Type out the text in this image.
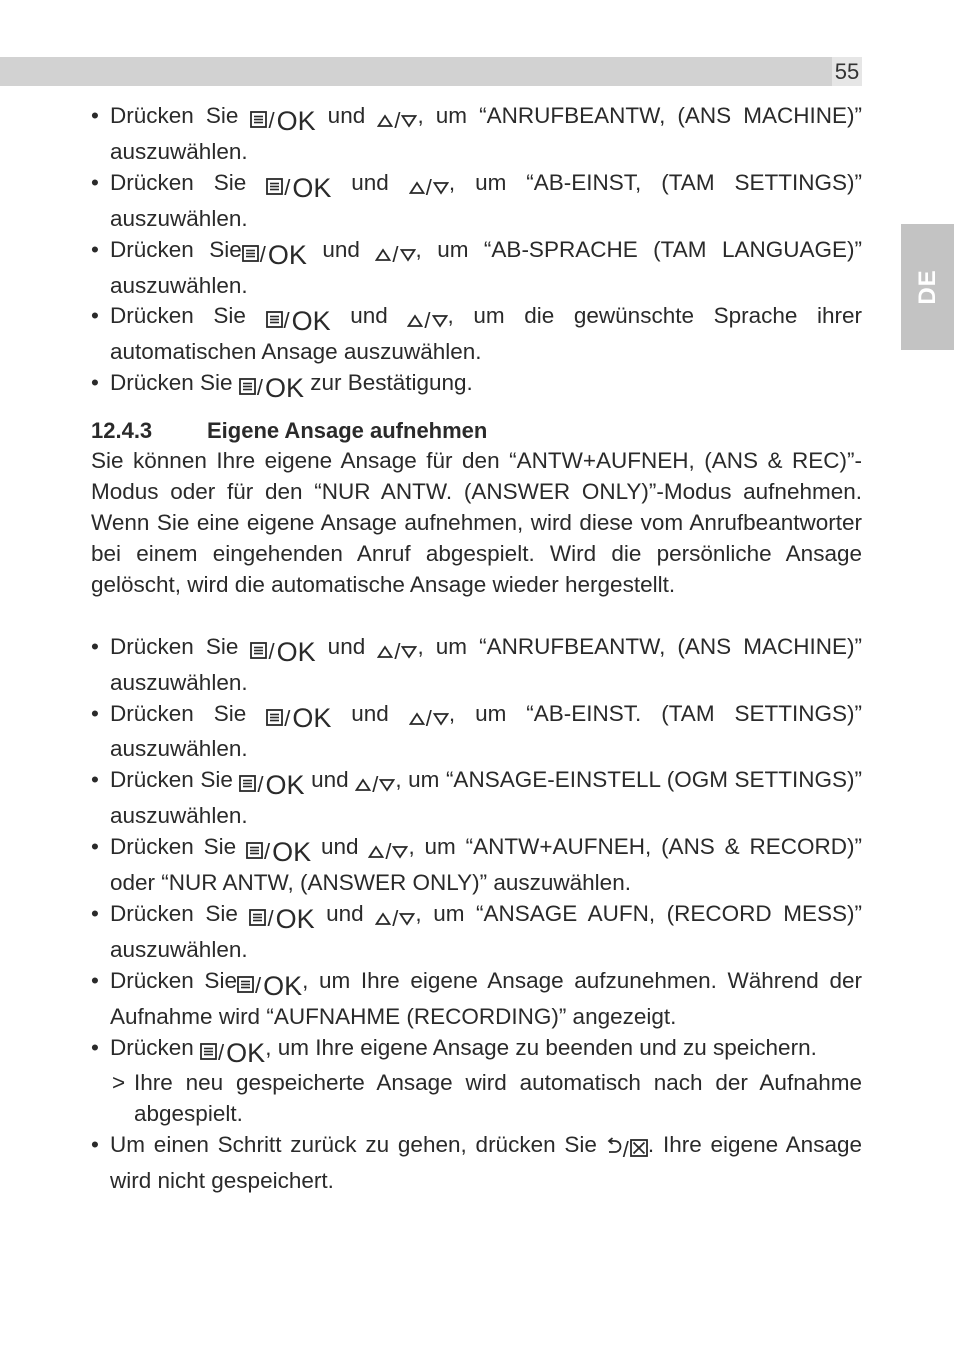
55
DE
• Drücken Sie / OK und / , um “ANRUFBEANTW, (ANS MACHINE)” auszuwählen.
• Drücken Sie / OK und / , um “AB-EINST, (TAM SETTINGS)” auszuwählen.
• Drücken Sie / OK und / , um “AB-SPRACHE (TAM LANGUAGE)” auszuwählen.
• Drücken Sie / OK und / , um die gewünschte Sprache ihrer automatischen Ansage auszuwählen.
• Drücken Sie / OK zur Bestätigung.
12.4.3	Eigene Ansage aufnehmen
Sie können Ihre eigene Ansage für den “ANTW+AUFNEH, (ANS & REC)”-Modus oder für den “NUR ANTW. (ANSWER ONLY)”-Modus aufnehmen. Wenn Sie eine eigene Ansage aufnehmen, wird diese vom Anrufbeantworter bei einem eingehenden Anruf abgespielt. Wird die persönliche Ansage gelöscht, wird die automatische Ansage wieder hergestellt.
• Drücken Sie / OK und / , um “ANRUFBEANTW, (ANS MACHINE)” auszuwählen.
• Drücken Sie / OK und / , um “AB-EINST. (TAM SETTINGS)” auszuwählen.
• Drücken Sie / OK und / , um “ANSAGE-EINSTELL (OGM SETTINGS)” auszuwählen.
• Drücken Sie / OK und / , um “ANTW+AUFNEH, (ANS & RECORD)” oder “NUR ANTW, (ANSWER ONLY)” auszuwählen.
• Drücken Sie / OK und / , um “ANSAGE AUFN, (RECORD MESS)” auszuwählen.
• Drücken Sie / OK , um Ihre eigene Ansage aufzunehmen. Während der Aufnahme wird “AUFNAHME (RECORDING)” angezeigt.
• Drücken / OK , um Ihre eigene Ansage zu beenden und zu speichern.
> Ihre neu gespeicherte Ansage wird automatisch nach der Aufnahme abgespielt.
• Um einen Schritt zurück zu gehen, drücken Sie / . Ihre eigene Ansage wird nicht gespeichert.
